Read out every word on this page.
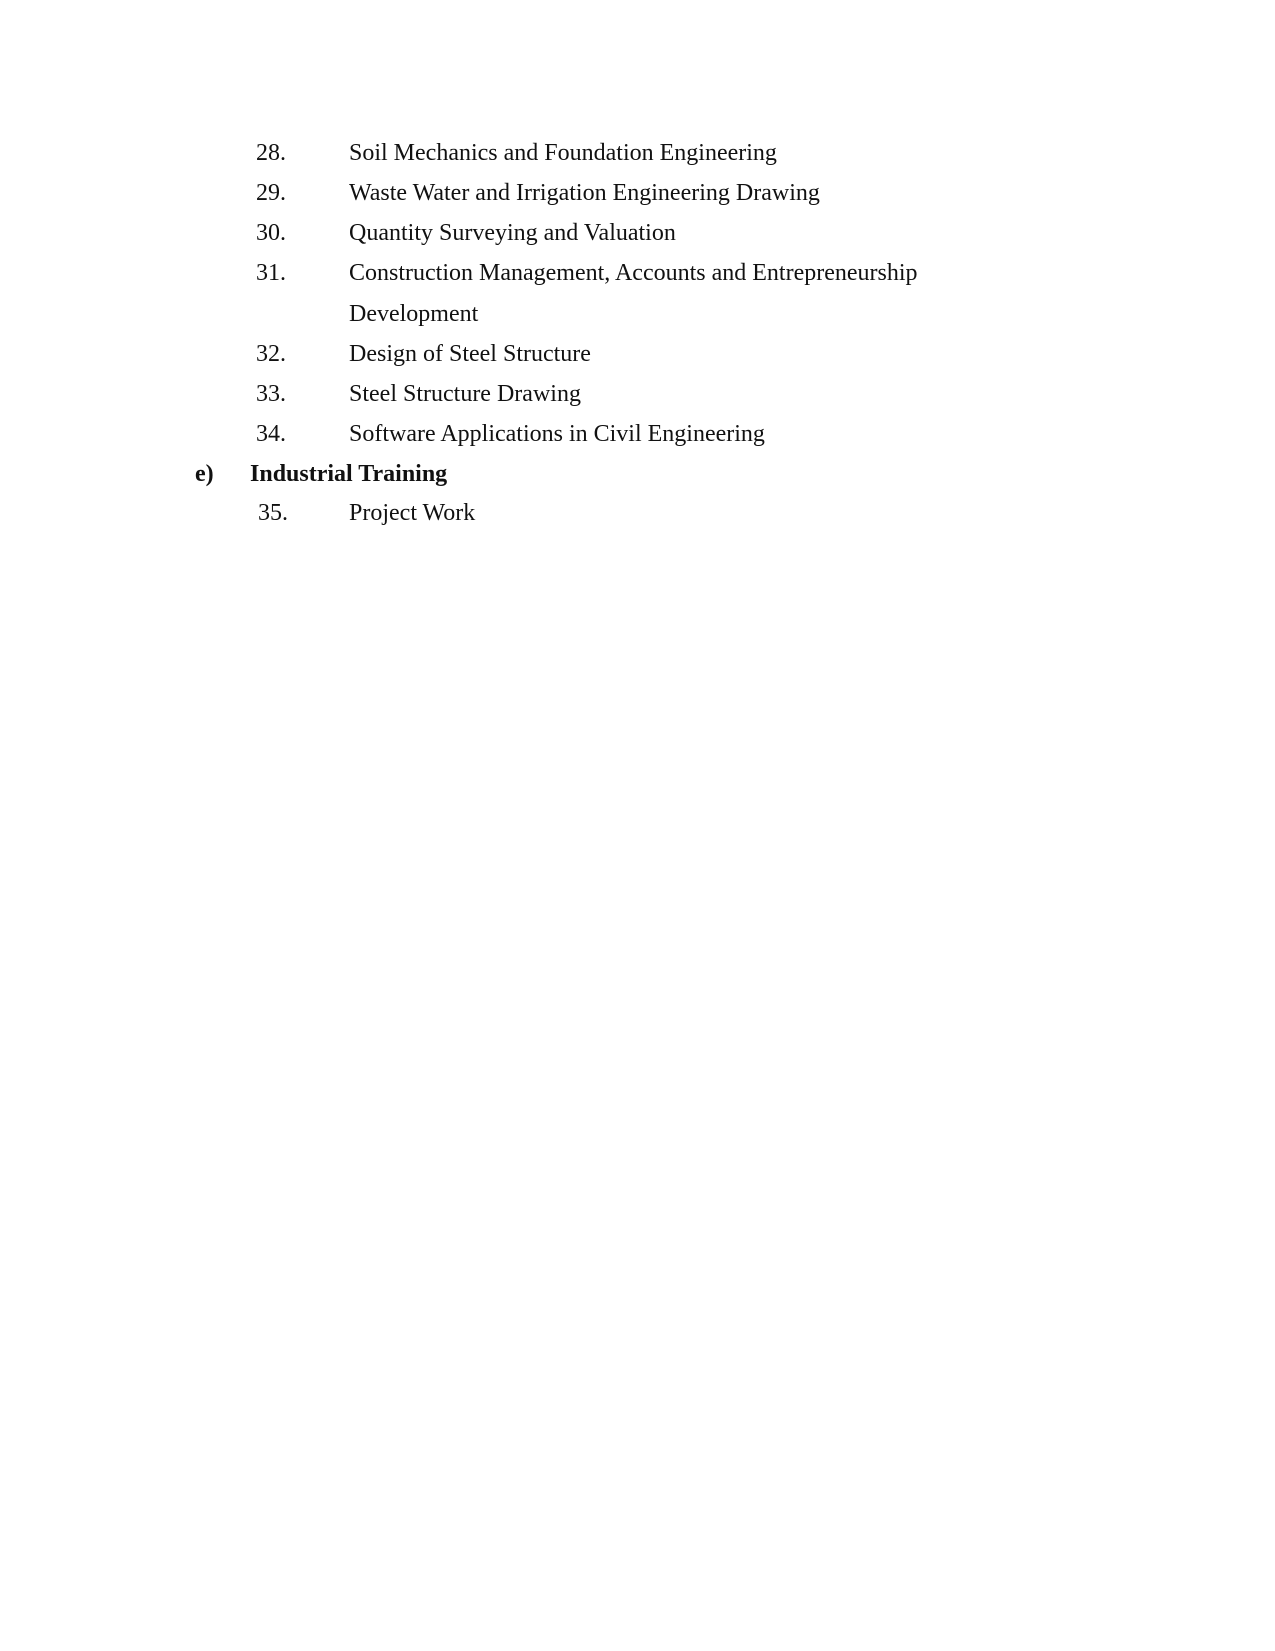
28.	Soil Mechanics and Foundation Engineering
29.	Waste Water and Irrigation Engineering Drawing
30.	Quantity Surveying and Valuation
31.	Construction Management, Accounts and Entrepreneurship
Development
32.	Design of Steel Structure
33.	Steel Structure Drawing
34.	Software Applications in Civil Engineering
e) Industrial Training
35.	Project Work
